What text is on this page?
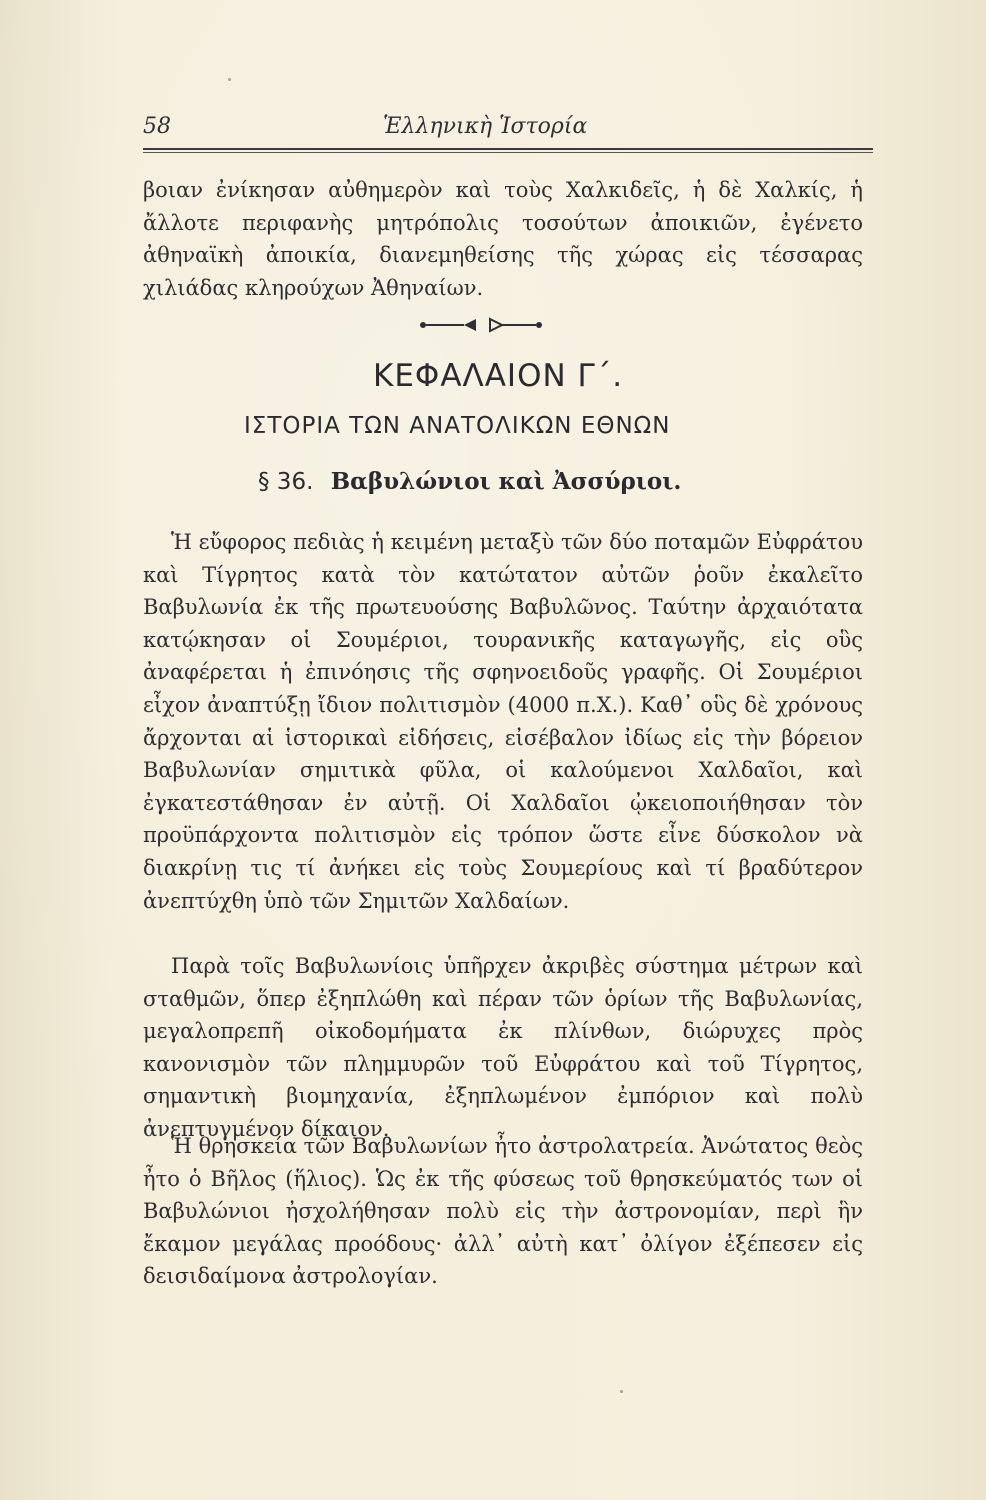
58	Ἑλληνικὴ Ἱστορία

βοιαν ἐνίκησαν αὐθημερὸν καὶ τοὺς Χαλκιδεῖς, ἡ δὲ Χαλκίς, ἡ ἄλλοτε περιφανὴς μητρόπολις τοσούτων ἀποικιῶν, ἐγένετο ἀθηναϊκὴ ἀποικία, διανεμηθείσης τῆς χώρας εἰς τέσσαρας χιλιάδας κληρούχων Ἀθηναίων.

ΚΕΦΑΛΑΙΟΝ Γ΄.
ΙΣΤΟΡΙΑ ΤΩΝ ΑΝΑΤΟΛΙΚΩΝ ΕΘΝΩΝ
§ 36. Βαβυλώνιοι καὶ Ἀσσύριοι.

Ἡ εὔφορος πεδιὰς ἡ κειμένη μεταξὺ τῶν δύο ποταμῶν Εὐφράτου καὶ Τίγρητος κατὰ τὸν κατώτατον αὐτῶν ῥοῦν ἐκαλεῖτο Βαβυλωνία ἐκ τῆς πρωτευούσης Βαβυλῶνος. Ταύτην ἀρχαιότατα κατῴκησαν οἱ Σουμέριοι, τουρανικῆς καταγωγῆς, εἰς οὓς ἀναφέρεται ἡ ἐπινόησις τῆς σφηνοειδοῦς γραφῆς. Οἱ Σουμέριοι εἶχον ἀναπτύξῃ ἴδιον πολιτισμὸν (4000 π.Χ.). Καθ᾽ οὓς δὲ χρόνους ἄρχονται αἱ ἱστορικαὶ εἰδήσεις, εἰσέβαλον ἰδίως εἰς τὴν βόρειον Βαβυλωνίαν σημιτικὰ φῦλα, οἱ καλούμενοι Χαλδαῖοι, καὶ ἐγκατεστάθησαν ἐν αὐτῇ. Οἱ Χαλδαῖοι ᾠκειοποιήθησαν τὸν προϋπάρχοντα πολιτισμὸν εἰς τρόπον ὥστε εἶνε δύσκολον νὰ διακρίνῃ τις τί ἀνήκει εἰς τοὺς Σουμερίους καὶ τί βραδύτερον ἀνεπτύχθη ὑπὸ τῶν Σημιτῶν Χαλδαίων.

Παρὰ τοῖς Βαβυλωνίοις ὑπῆρχεν ἀκριβὲς σύστημα μέτρων καὶ σταθμῶν, ὅπερ ἐξηπλώθη καὶ πέραν τῶν ὁρίων τῆς Βαβυλωνίας, μεγαλοπρεπῆ οἰκοδομήματα ἐκ πλίνθων, διώρυχες πρὸς κανονισμὸν τῶν πλημμυρῶν τοῦ Εὐφράτου καὶ τοῦ Τίγρητος, σημαντικὴ βιομηχανία, ἐξηπλωμένον ἐμπόριον καὶ πολὺ ἀνεπτυγμένον δίκαιον.

Ἡ θρησκεία τῶν Βαβυλωνίων ἦτο ἀστρολατρεία. Ἀνώτατος θεὸς ἦτο ὁ Βῆλος (ἥλιος). Ὡς ἐκ τῆς φύσεως τοῦ θρησκεύματός των οἱ Βαβυλώνιοι ἠσχολήθησαν πολὺ εἰς τὴν ἀστρονομίαν, περὶ ἣν ἔκαμον μεγάλας προόδους· ἀλλ᾽ αὐτὴ κατ᾽ ὀλίγον ἐξέπεσεν εἰς δεισιδαίμονα ἀστρολογίαν.
